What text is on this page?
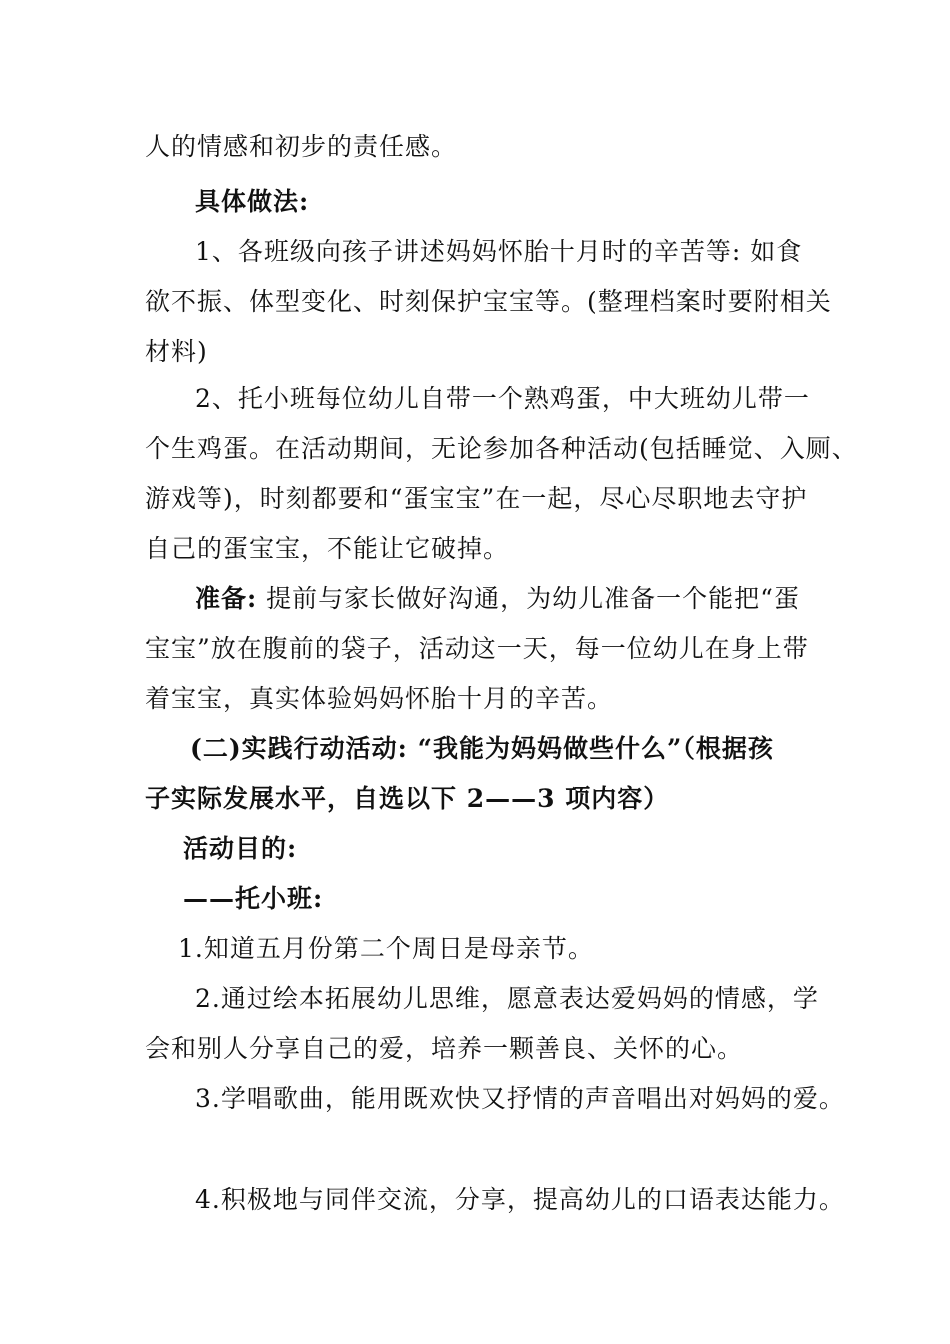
人的情感和初步的责任感。
具体做法:
1、各班级向孩子讲述妈妈怀胎十月时的辛苦等: 如食
欲不振、体型变化、时刻保护宝宝等。(整理档案时要附相关
材料)
2、托小班每位幼儿自带一个熟鸡蛋，中大班幼儿带一
个生鸡蛋。在活动期间，无论参加各种活动(包括睡觉、入厕、
游戏等)，时刻都要和“蛋宝宝”在一起，尽心尽职地去守护
自己的蛋宝宝，不能让它破掉。
准备: 提前与家长做好沟通，为幼儿准备一个能把“蛋
宝宝”放在腹前的袋子，活动这一天，每一位幼儿在身上带
着宝宝，真实体验妈妈怀胎十月的辛苦。
(二)实践行动活动: “我能为妈妈做些什么”（根据孩
子实际发展水平，自选以下 2——3 项内容）
活动目的:
——托小班:
1.知道五月份第二个周日是母亲节。
2.通过绘本拓展幼儿思维，愿意表达爱妈妈的情感，学
会和别人分享自己的爱，培养一颗善良、关怀的心。
3.学唱歌曲，能用既欢快又抒情的声音唱出对妈妈的爱。
4.积极地与同伴交流，分享，提高幼儿的口语表达能力。
